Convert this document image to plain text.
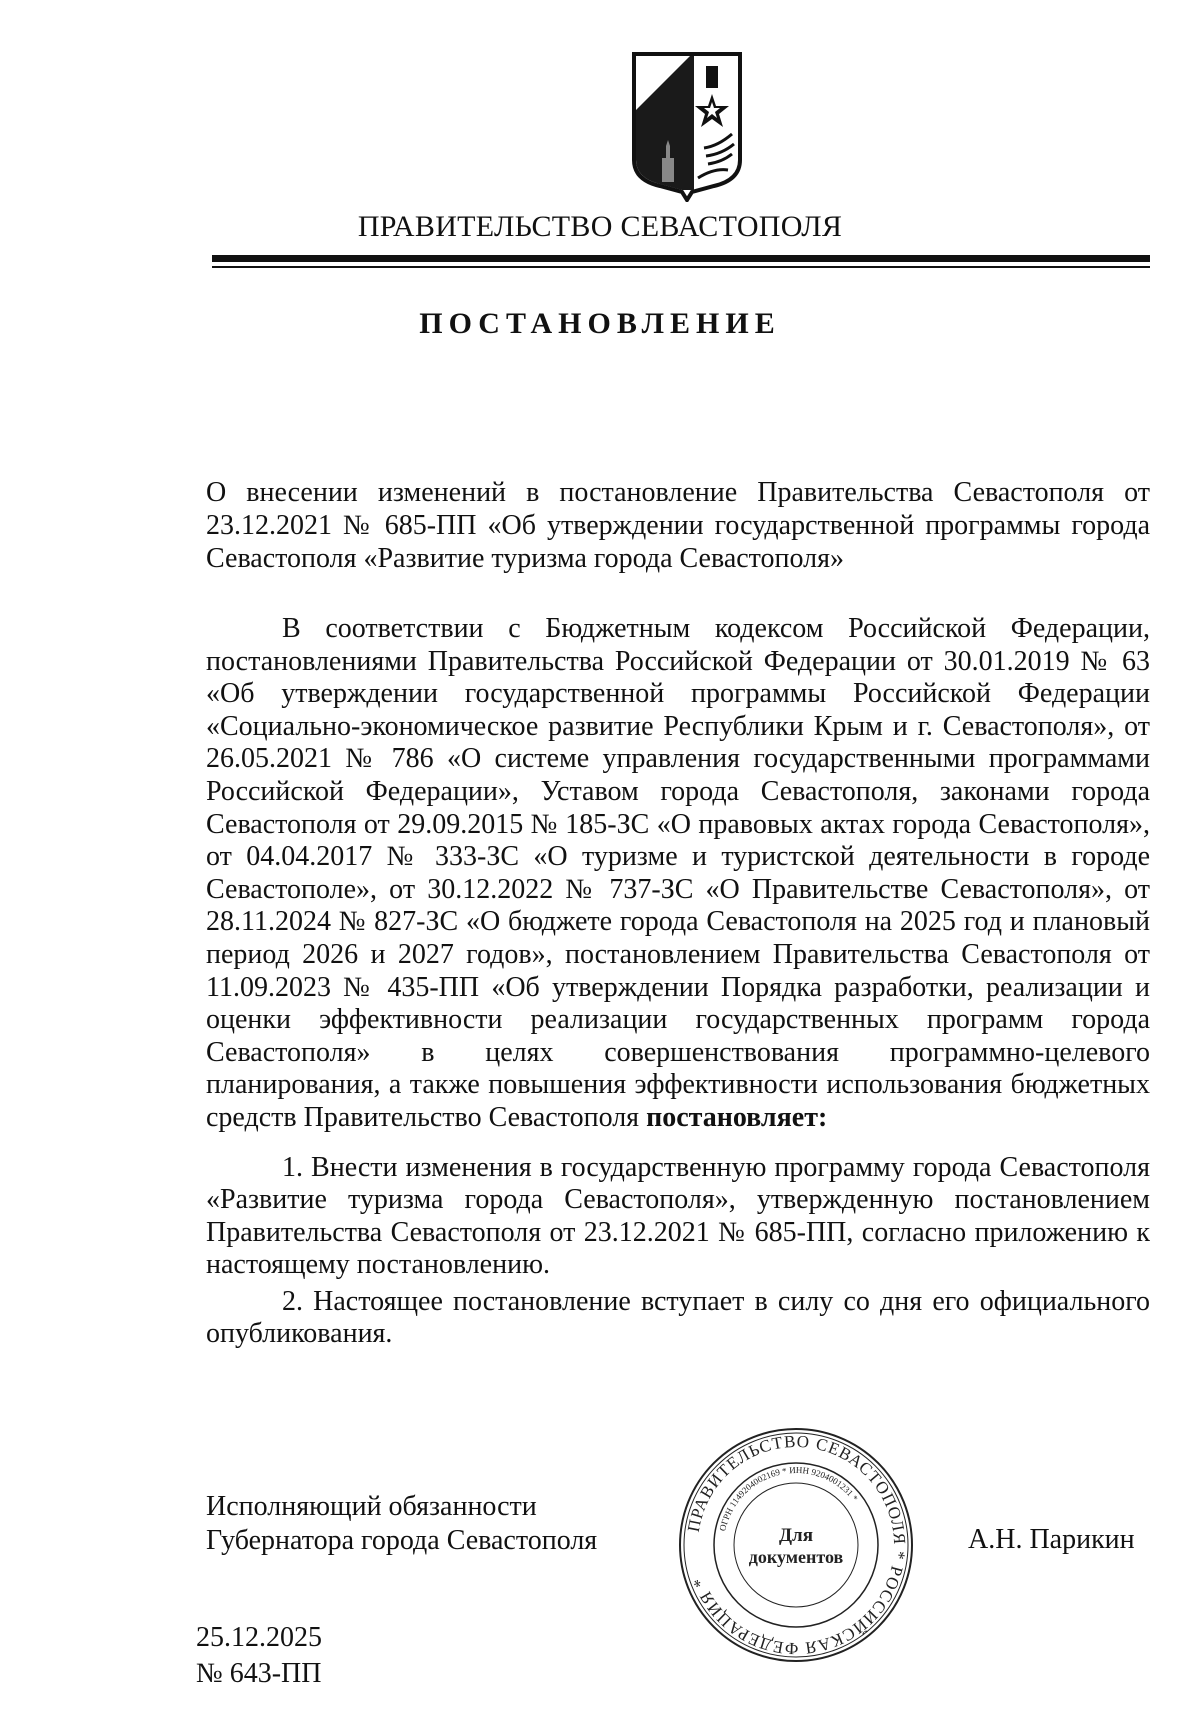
ПРАВИТЕЛЬСТВО СЕВАСТОПОЛЯ
ПОСТАНОВЛЕНИЕ
О внесении изменений в постановление Правительства Севастополя от 23.12.2021 № 685-ПП «Об утверждении государственной программы города Севастополя «Развитие туризма города Севастополя»

В соответствии с Бюджетным кодексом Российской Федерации, постановлениями Правительства Российской Федерации от 30.01.2019 № 63 «Об утверждении государственной программы Российской Федерации «Социально-экономическое развитие Республики Крым и г. Севастополя», от 26.05.2021 № 786 «О системе управления государственными программами Российской Федерации», Уставом города Севастополя, законами города Севастополя от 29.09.2015 № 185-ЗС «О правовых актах города Севастополя», от 04.04.2017 № 333-ЗС «О туризме и туристской деятельности в городе Севастополе», от 30.12.2022 № 737-ЗС «О Правительстве Севастополя», от 28.11.2024 № 827-ЗС «О бюджете города Севастополя на 2025 год и плановый период 2026 и 2027 годов», постановлением Правительства Севастополя от 11.09.2023 № 435-ПП «Об утверждении Порядка разработки, реализации и оценки эффективности реализации государственных программ города Севастополя» в целях совершенствования программно-целевого планирования, а также повышения эффективности использования бюджетных средств Правительство Севастополя постановляет:

1. Внести изменения в государственную программу города Севастополя «Развитие туризма города Севастополя», утвержденную постановлением Правительства Севастополя от 23.12.2021 № 685-ПП, согласно приложению к настоящему постановлению.

2. Настоящее постановление вступает в силу со дня его официального опубликования.

Исполняющий обязанности
Губернатора города Севастополя	ПРАВИТЕЛЬСТВО СЕВАСТОПОЛЯ * РОССИЙСКАЯ ФЕДЕРАЦИЯ *
ОГРН 1149204002169 * ИНН 9204001231 *
Для
документов
А.Н. Парикин
25.12.2025
№ 643-ПП
